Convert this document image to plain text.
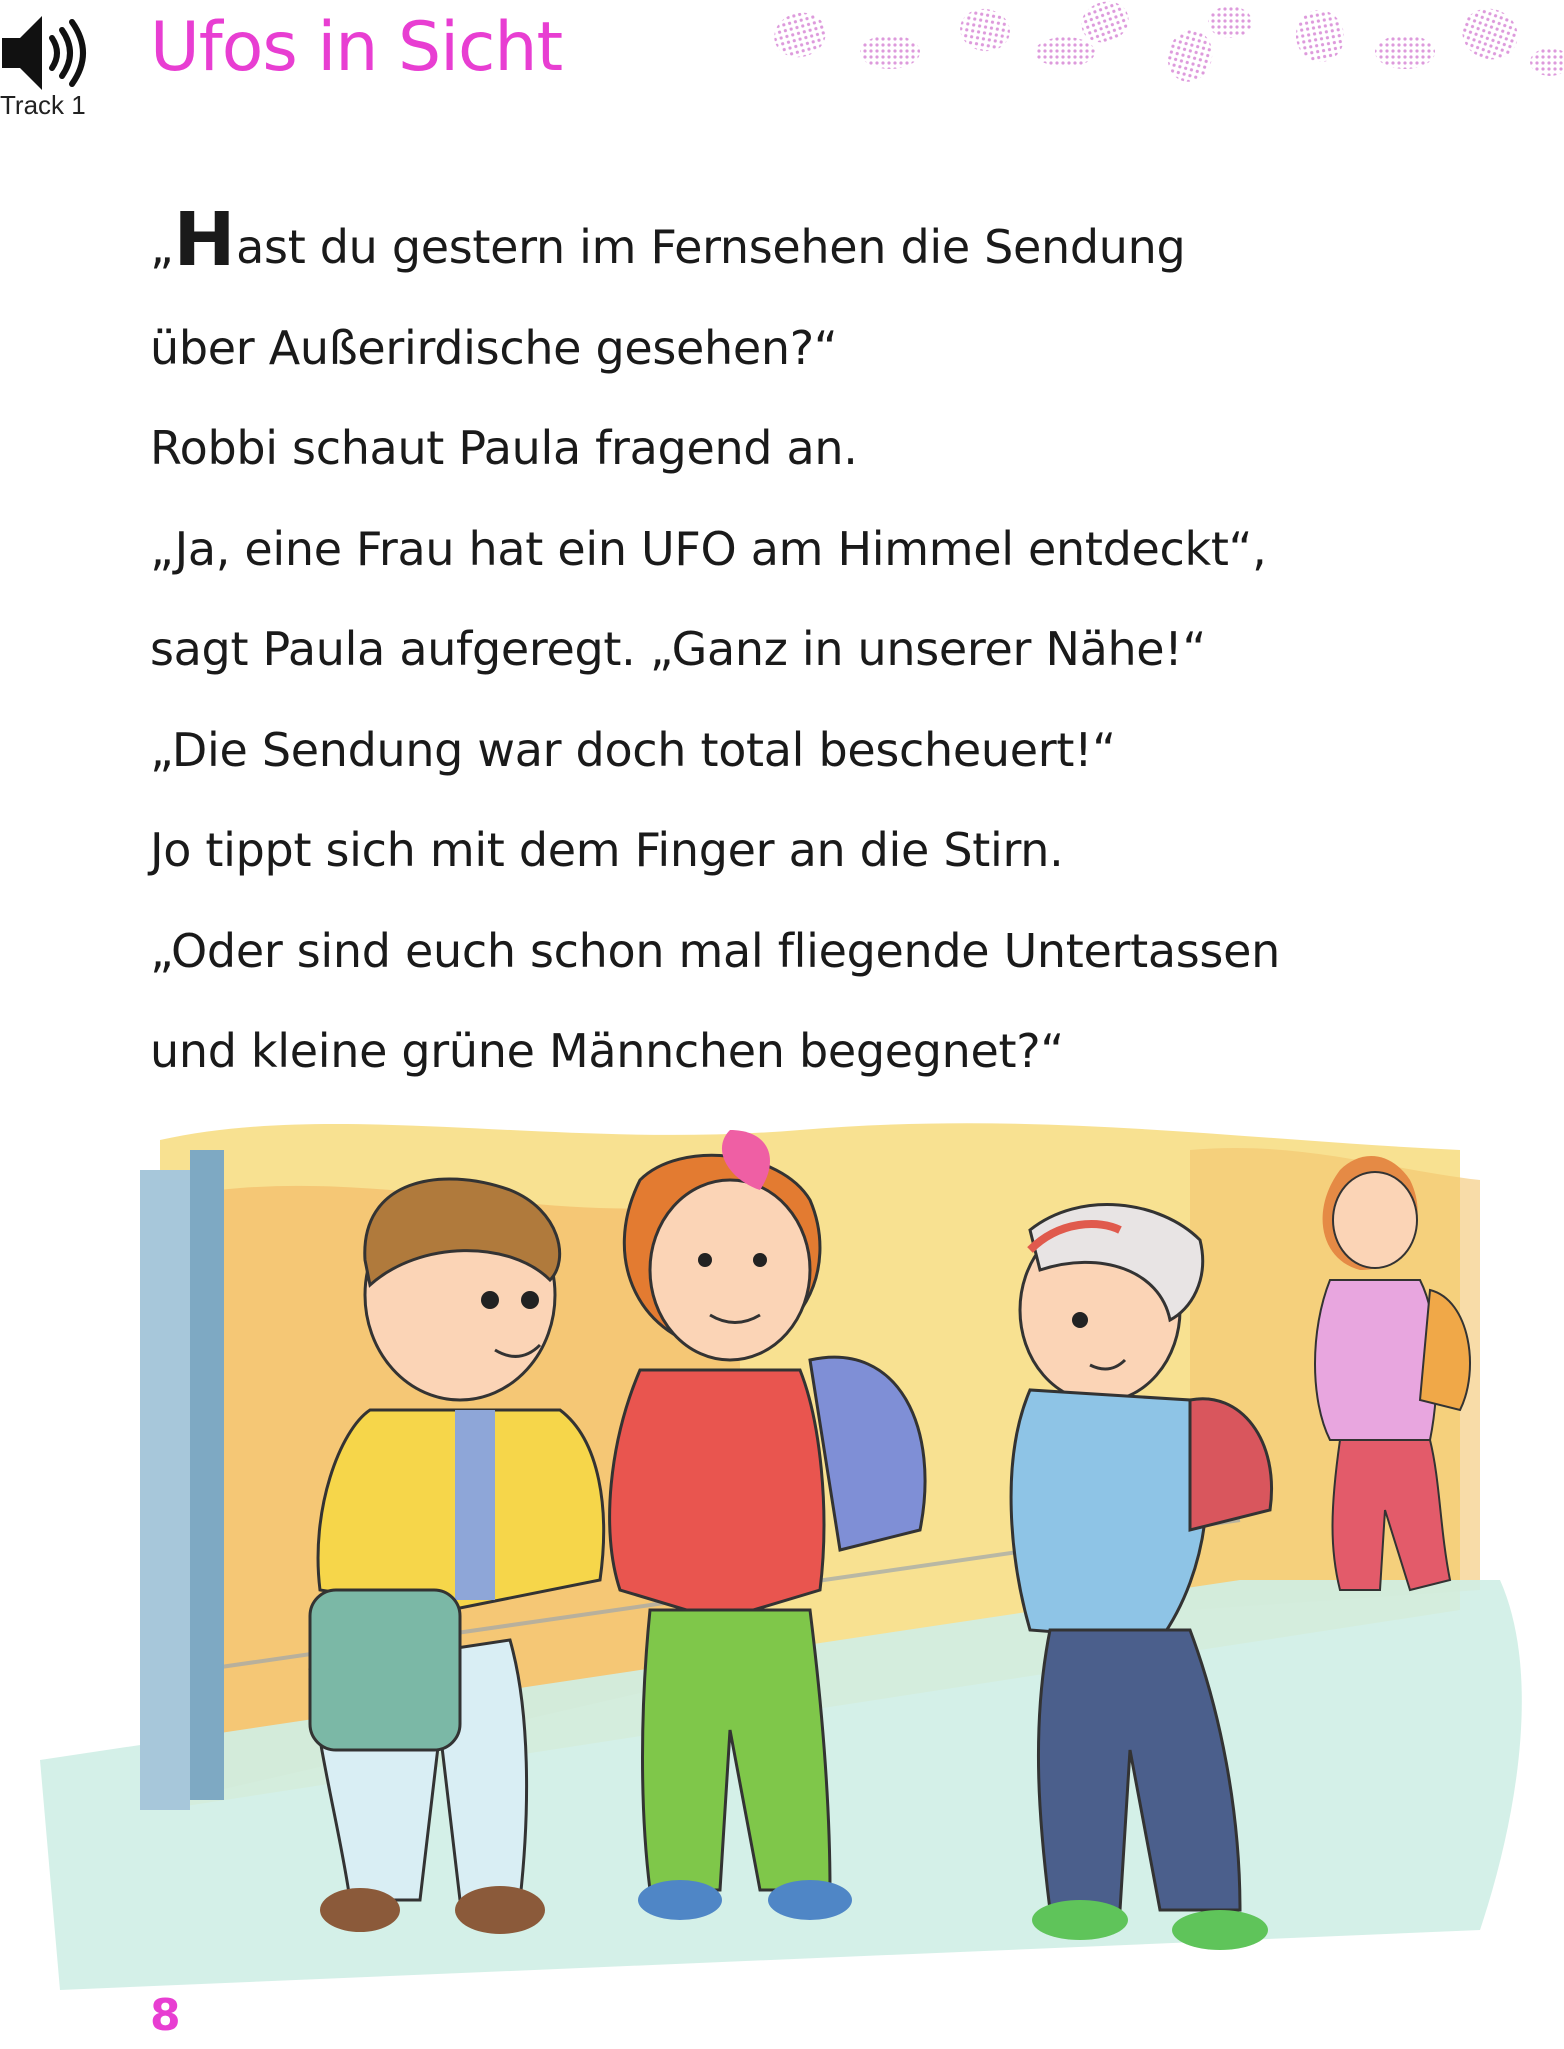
Track 1
Ufos in Sicht
„Hast du gestern im Fernsehen die Sendung
über Außerirdische gesehen?“
Robbi schaut Paula fragend an.
„Ja, eine Frau hat ein UFO am Himmel entdeckt“,
sagt Paula aufgeregt. „Ganz in unserer Nähe!“
„Die Sendung war doch total bescheuert!“
Jo tippt sich mit dem Finger an die Stirn.
„Oder sind euch schon mal fliegende Untertassen
und kleine grüne Männchen begegnet?“
8
